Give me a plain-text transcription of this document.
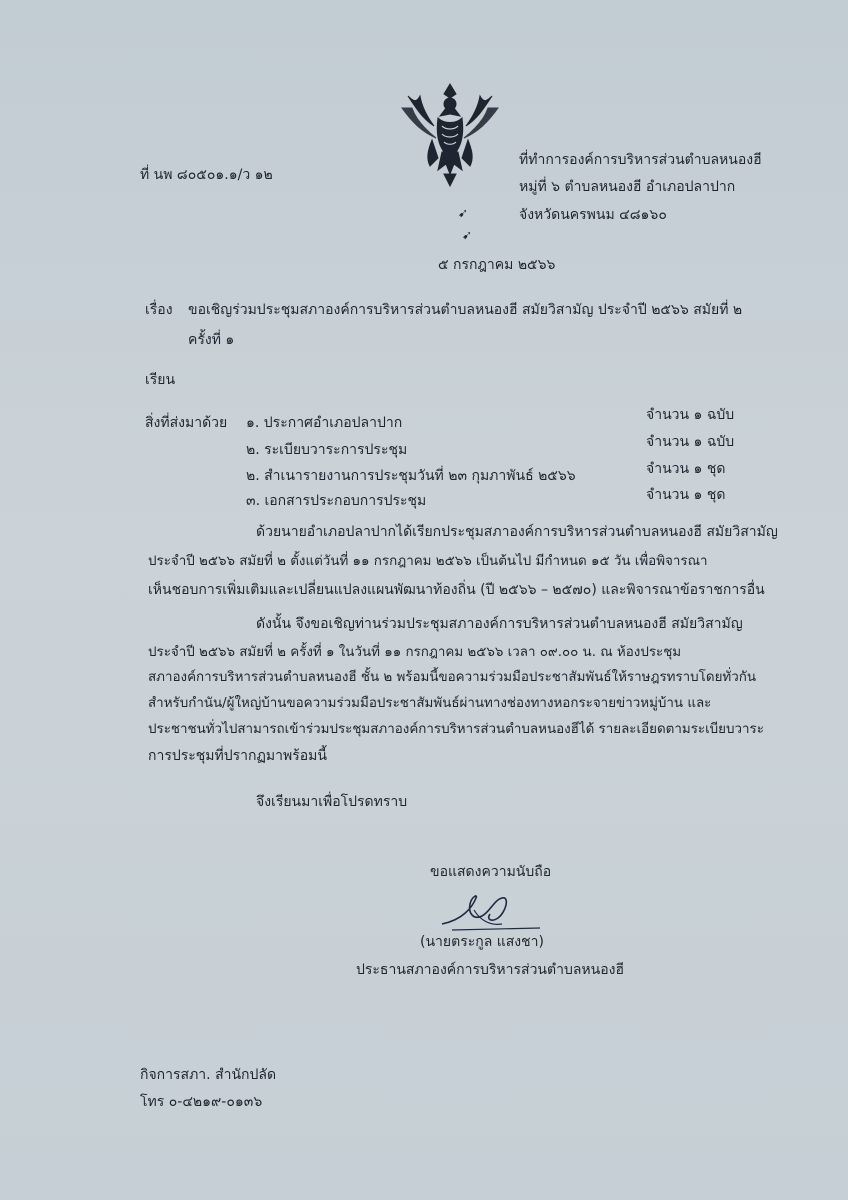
ที่ นพ ๘๐๕๐๑.๑/ว ๑๒
ที่ทำการองค์การบริหารส่วนตำบลหนองฮี
หมู่ที่ ๖ ตำบลหนองฮี อำเภอปลาปาก
จังหวัดนครพนม ๔๘๑๖๐
➹
➹
๕ กรกฎาคม ๒๕๖๖
เรื่อง ขอเชิญร่วมประชุมสภาองค์การบริหารส่วนตำบลหนองฮี สมัยวิสามัญ ประจำปี ๒๕๖๖ สมัยที่ ๒
ครั้งที่ ๑
เรียน
สิ่งที่ส่งมาด้วย ๑. ประกาศอำเภอปลาปาก	จำนวน ๑ ฉบับ
๒. ระเบียบวาระการประชุม	จำนวน ๑ ฉบับ
๒. สำเนารายงานการประชุมวันที่ ๒๓ กุมภาพันธ์ ๒๕๖๖	จำนวน ๑ ชุด
๓. เอกสารประกอบการประชุม	จำนวน ๑ ชุด
ด้วยนายอำเภอปลาปากได้เรียกประชุมสภาองค์การบริหารส่วนตำบลหนองฮี สมัยวิสามัญ
ประจำปี ๒๕๖๖ สมัยที่ ๒ ตั้งแต่วันที่ ๑๑ กรกฎาคม ๒๕๖๖ เป็นต้นไป มีกำหนด ๑๕ วัน เพื่อพิจารณา
เห็นชอบการเพิ่มเติมและเปลี่ยนแปลงแผนพัฒนาท้องถิ่น (ปี ๒๕๖๖ – ๒๕๗๐) และพิจารณาข้อราชการอื่น
ดังนั้น จึงขอเชิญท่านร่วมประชุมสภาองค์การบริหารส่วนตำบลหนองฮี สมัยวิสามัญ
ประจำปี ๒๕๖๖ สมัยที่ ๒ ครั้งที่ ๑ ในวันที่ ๑๑ กรกฎาคม ๒๕๖๖ เวลา ๐๙.๐๐ น. ณ ห้องประชุม
สภาองค์การบริหารส่วนตำบลหนองฮี ชั้น ๒ พร้อมนี้ขอความร่วมมือประชาสัมพันธ์ให้ราษฎรทราบโดยทั่วกัน
สำหรับกำนัน/ผู้ใหญ่บ้านขอความร่วมมือประชาสัมพันธ์ผ่านทางช่องทางหอกระจายข่าวหมู่บ้าน และ
ประชาชนทั่วไปสามารถเข้าร่วมประชุมสภาองค์การบริหารส่วนตำบลหนองฮีได้ รายละเอียดตามระเบียบวาระ
การประชุมที่ปรากฏมาพร้อมนี้
จึงเรียนมาเพื่อโปรดทราบ
ขอแสดงความนับถือ
(นายตระกูล แสงชา)
ประธานสภาองค์การบริหารส่วนตำบลหนองฮี
กิจการสภา. สำนักปลัด
โทร ๐-๔๒๑๙-๐๑๓๖
